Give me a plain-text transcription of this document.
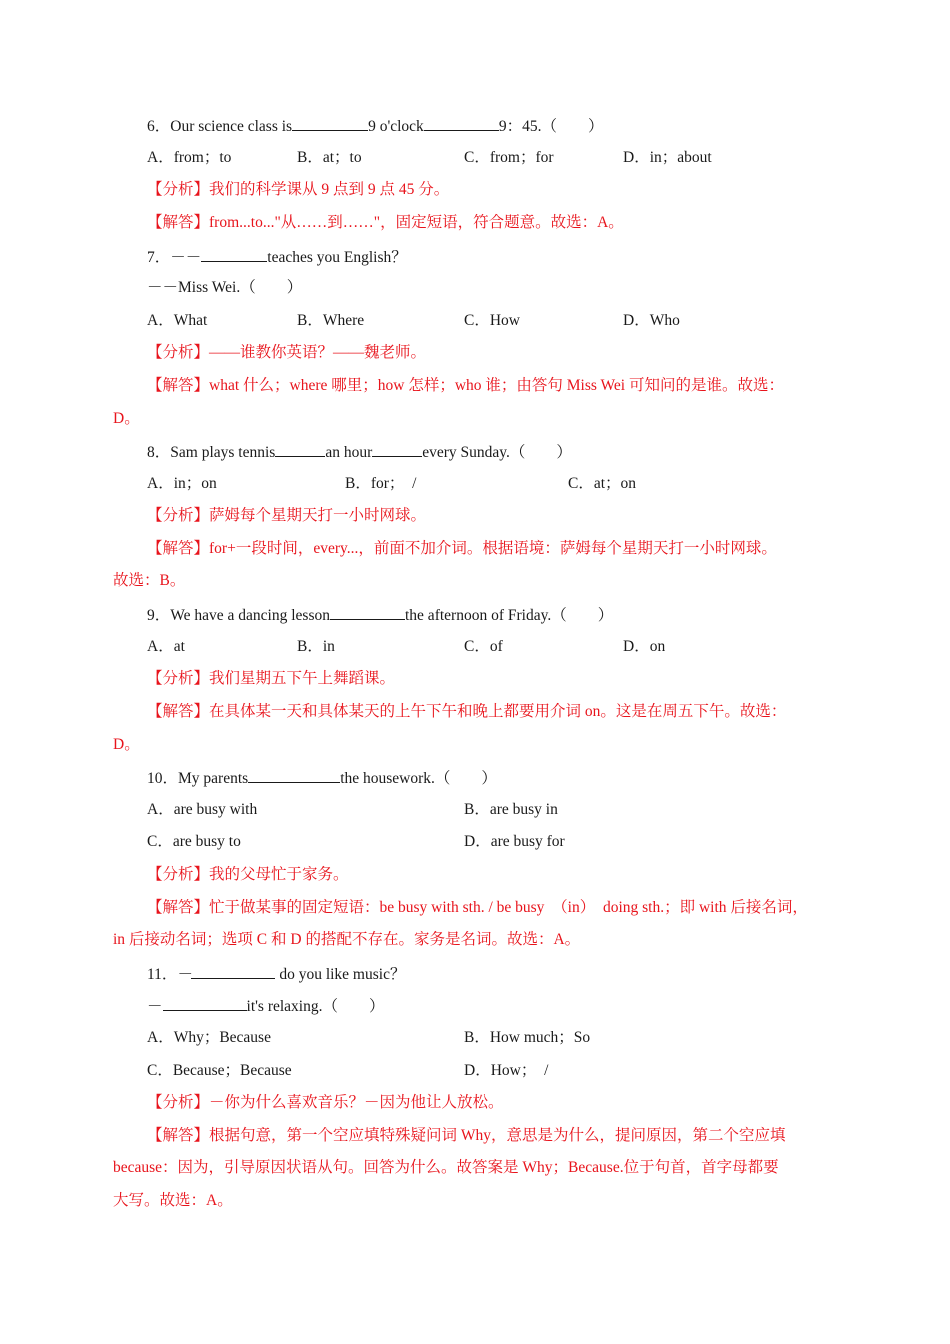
6．Our science class is	9 o'clock	9：45.（　　）
A．from；to	B．at；to	C．from；for	D．in；about
【分析】我们的科学课从 9 点到 9 点 45 分。
【解答】from...to..."从……到……"，固定短语，符合题意。故选：A。
7．－－	teaches you English？
－－Miss Wei.（　　）
A．What	B．Where	C．How	D．Who
【分析】——谁教你英语？——魏老师。
【解答】what 什么；where 哪里；how 怎样；who 谁；由答句 Miss Wei 可知问的是谁。故选：
D。
8．Sam plays tennis	an hour	every Sunday.（　　）
A．in；on	B．for；　/	C．at；on
【分析】萨姆每个星期天打一小时网球。
【解答】for+一段时间，every...，前面不加介词。根据语境：萨姆每个星期天打一小时网球。
故选：B。
9．We have a dancing lesson	the afternoon of Friday.（　　）
A．at	B．in	C．of	D．on
【分析】我们星期五下午上舞蹈课。
【解答】在具体某一天和具体某天的上午下午和晚上都要用介词 on。这是在周五下午。故选：
D。
10．My parents	the housework.（　　）
A．are busy with	B．are busy in
C．are busy to	D．are busy for
【分析】我的父母忙于家务。
【解答】忙于做某事的固定短语：be busy with sth. / be busy　（in）　doing sth.；即 with 后接名词，
in 后接动名词；选项 C 和 D 的搭配不存在。家务是名词。故选：A。
11．－	do you like music？
－	it's relaxing.（　　）
A．Why；Because	B．How much；So
C．Because；Because	D．How；　/
【分析】－你为什么喜欢音乐？－因为他让人放松。
【解答】根据句意，第一个空应填特殊疑问词 Why，意思是为什么，提问原因，第二个空应填
because：因为，引导原因状语从句。回答为什么。故答案是 Why；Because.位于句首，首字母都要
大写。故选：A。
